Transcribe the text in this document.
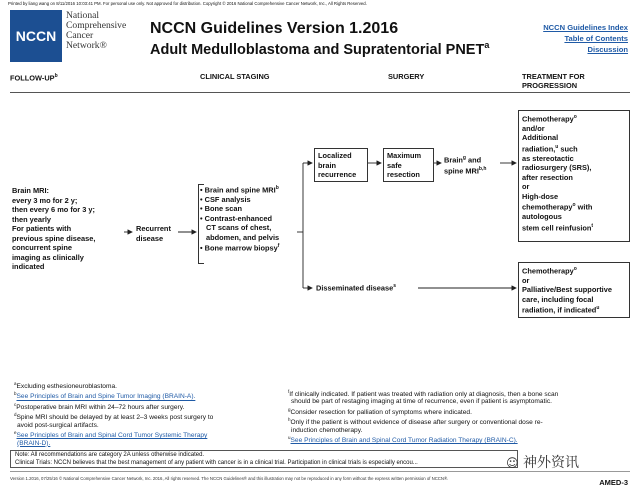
Printed by liang wang on 8/11/2016 10:03:41 PM. For personal use only. Not approved for distribution. Copyright © 2016 National Comprehensive Cancer Network, Inc., All Rights Reserved.
NCCN
National
Comprehensive
Cancer
Network®
NCCN Guidelines Version 1.2016
Adult Medulloblastoma and Supratentorial PNET$^a$
NCCN Guidelines Index
Table of Contents
Discussion
FOLLOW-$UP^b$	CLINICAL STAGING	SURGERY	TREATMENT FOR
PROGRESSION
Brain MRI:
every 3 mo for 2 y;
then every 6 mo for 3 y;
then yearly
For patients with
previous spine disease,
concurrent spine
imaging as clinically
indicated
Recurrent
disease
• Brain and spine MRI$^b$
• CSF analysis
• Bone scan
• Contrast-enhanced
CT scans of chest,
abdomen, and pelvis
• Bone marrow biopsy$^f$
Localized
brain
recurrence
Maximum
safe
resection
Brain$^g$ and
spine MRI$^{b,h}$
Disseminated disease$^s$
Chemotherapy$^o$
and/or
Additional
radiation,$^u$ such
as stereotactic
radiosurgery (SRS),
after resection
or
High-dose
chemotherapy$^o$ with
autologous
stem cell reinfusion$^t$
Chemotherapy$^o$
or
Palliative/Best supportive
care, including focal
radiation, if indicated$^u$
$^a$Excluding esthesioneuroblastoma.
$^b$See Principles of Brain and Spine Tumor Imaging (BRAIN-A).
$^c$Postoperative brain MRI within 24–72 hours after surgery.
$^d$Spine MRI should be delayed by at least 2–3 weeks post surgery to
avoid post-surgical artifacts.
$^e$See Principles of Brain and Spinal Cord Tumor Systemic Therapy
(BRAIN-D).
$^f$If clinically indicated. If patient was treated with radiation only at diagnosis, then a bone scan
should be part of restaging imaging at time of recurrence, even if patient is asymptomatic.
$^g$Consider resection for palliation of symptoms where indicated.
$^h$Only if the patient is without evidence of disease after surgery or conventional dose re-
induction chemotherapy.
$^u$See Principles of Brain and Spinal Cord Tumor Radiation Therapy (BRAIN-C).
Note: All recommendations are category 2A unless otherwise indicated.
Clinical Trials: NCCN believes that the best management of any patient with cancer is in a clinical trial. Participation in clinical trials is especially encou...	☺ 神外资讯
Version 1.2016, 07/25/16 © National Comprehensive Cancer Network, Inc. 2016, All rights reserved. The NCCN Guidelines® and this illustration may not be reproduced in any form without the express written permission of NCCN®.	AMED-3
